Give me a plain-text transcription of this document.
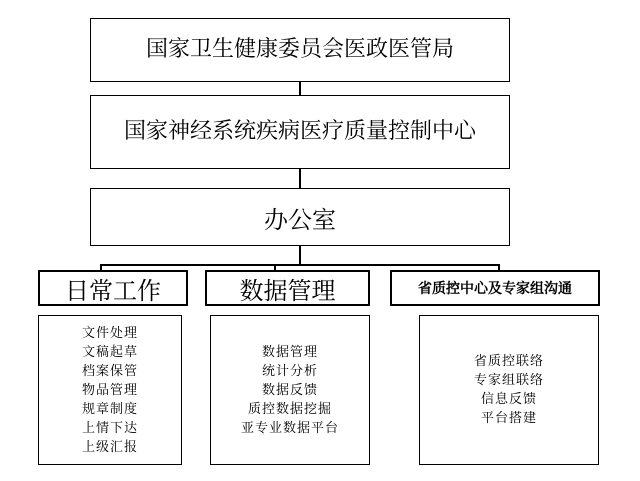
国家卫生健康委员会医政医管局
国家神经系统疾病医疗质量控制中心
办公室
日常工作	数据管理	省质控中心及专家组沟通
文件处理
文稿起草
档案保管
物品管理
规章制度
上情下达
上级汇报
数据管理
统计分析
数据反馈
质控数据挖掘
亚专业数据平台
省质控联络
专家组联络
信息反馈
平台搭建
